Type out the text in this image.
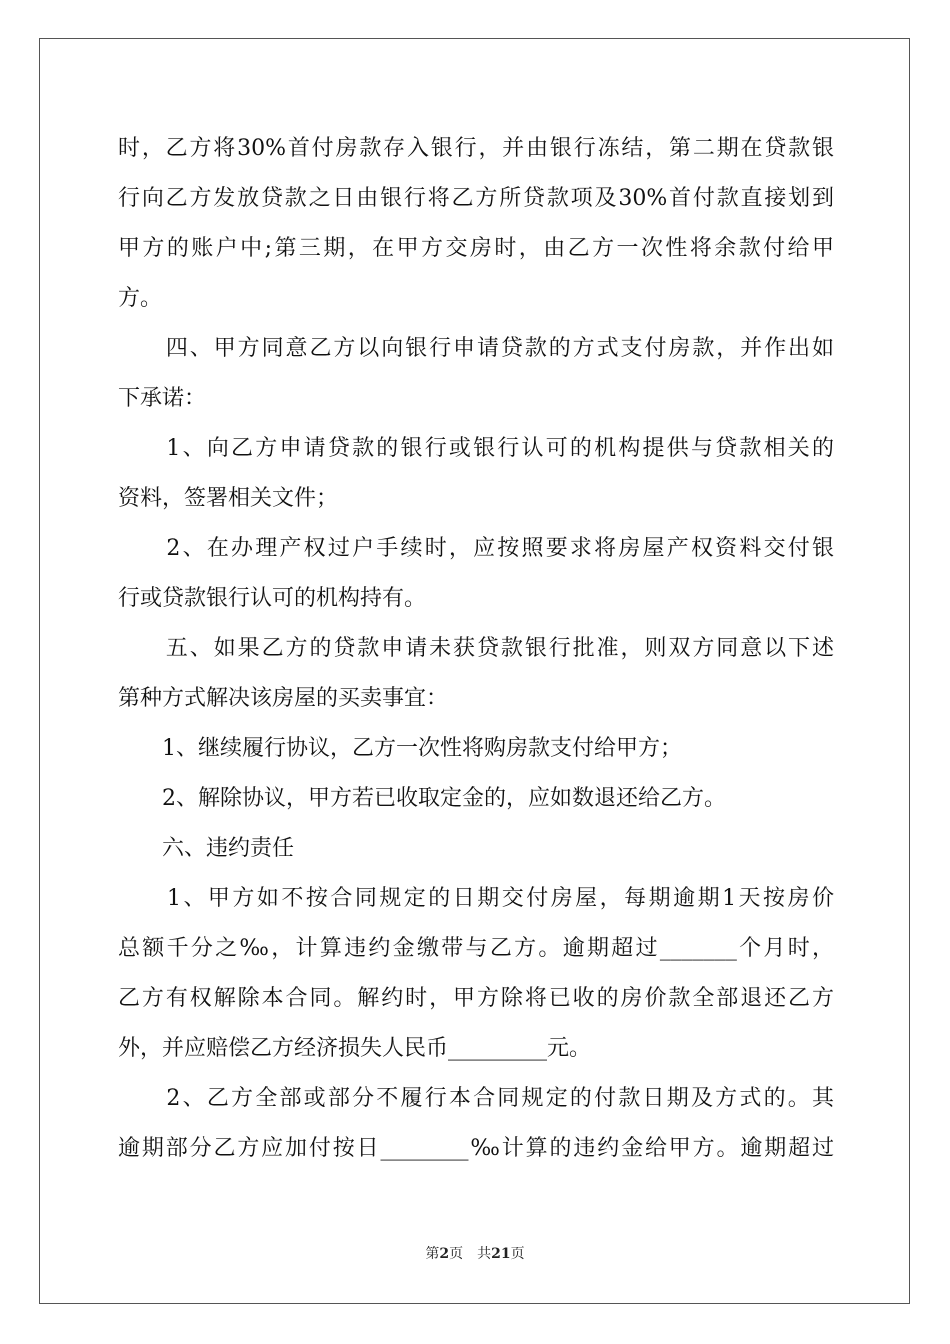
时，乙方将30%首付房款存入银行，并由银行冻结，第二期在贷款银
行向乙方发放贷款之日由银行将乙方所贷款项及30%首付款直接划到
甲方的账户中;第三期，在甲方交房时，由乙方一次性将余款付给甲
方。
　　四、甲方同意乙方以向银行申请贷款的方式支付房款，并作出如
下承诺：
　　1、向乙方申请贷款的银行或银行认可的机构提供与贷款相关的
资料，签署相关文件；
　　2、在办理产权过户手续时，应按照要求将房屋产权资料交付银
行或贷款银行认可的机构持有。
　　五、如果乙方的贷款申请未获贷款银行批准，则双方同意以下述
第种方式解决该房屋的买卖事宜：
　　1、继续履行协议，乙方一次性将购房款支付给甲方；
　　2、解除协议，甲方若已收取定金的，应如数退还给乙方。
　　六、违约责任
　　1、甲方如不按合同规定的日期交付房屋，每期逾期1天按房价
总额千分之‰，计算违约金缴带与乙方。逾期超过_______个月时，
乙方有权解除本合同。解约时，甲方除将已收的房价款全部退还乙方
外，并应赔偿乙方经济损失人民币_________元。
　　2、乙方全部或部分不履行本合同规定的付款日期及方式的。其
逾期部分乙方应加付按日________‰计算的违约金给甲方。逾期超过
第2页 共21页
